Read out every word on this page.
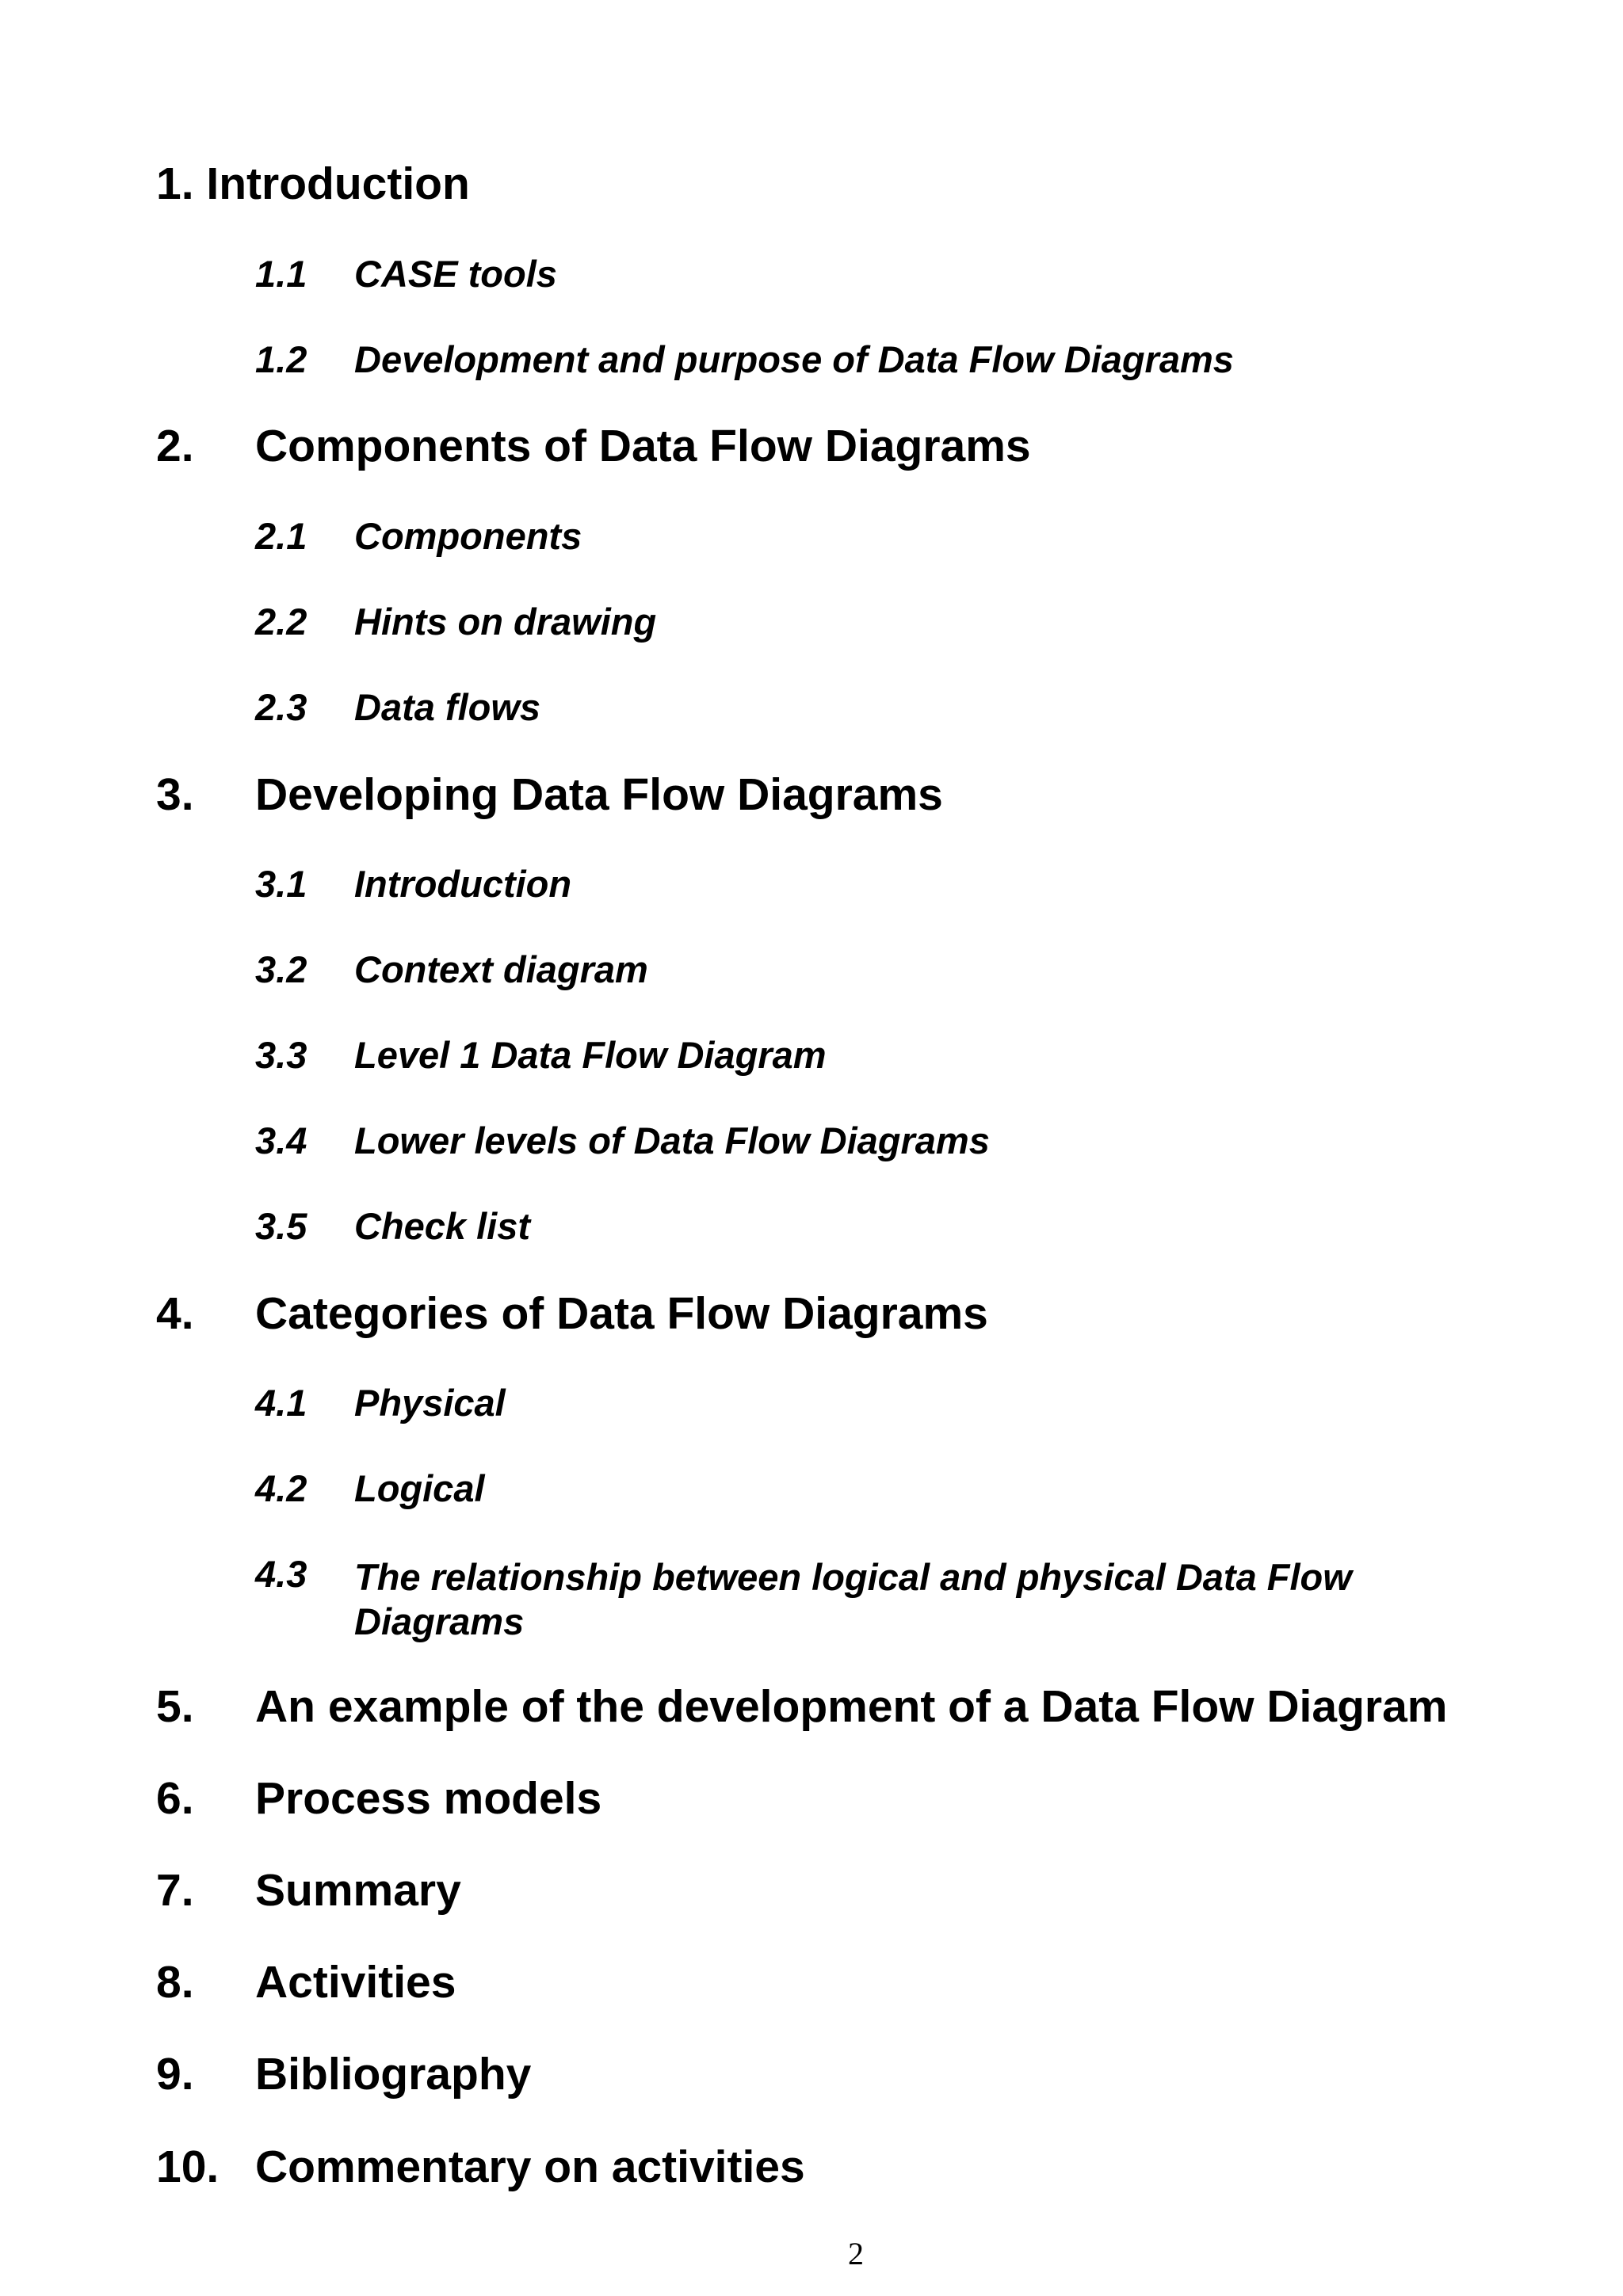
1. Introduction
1.1 CASE tools
1.2 Development and purpose of Data Flow Diagrams
2. Components of Data Flow Diagrams
2.1 Components
2.2 Hints on drawing
2.3 Data flows
3. Developing Data Flow Diagrams
3.1 Introduction
3.2 Context diagram
3.3 Level 1 Data Flow Diagram
3.4 Lower levels of Data Flow Diagrams
3.5 Check list
4. Categories of Data Flow Diagrams
4.1 Physical
4.2 Logical
4.3 The relationship between logical and physical Data Flow Diagrams
5. An example of the development of a Data Flow Diagram
6. Process models
7. Summary
8. Activities
9. Bibliography
10. Commentary on activities
2
